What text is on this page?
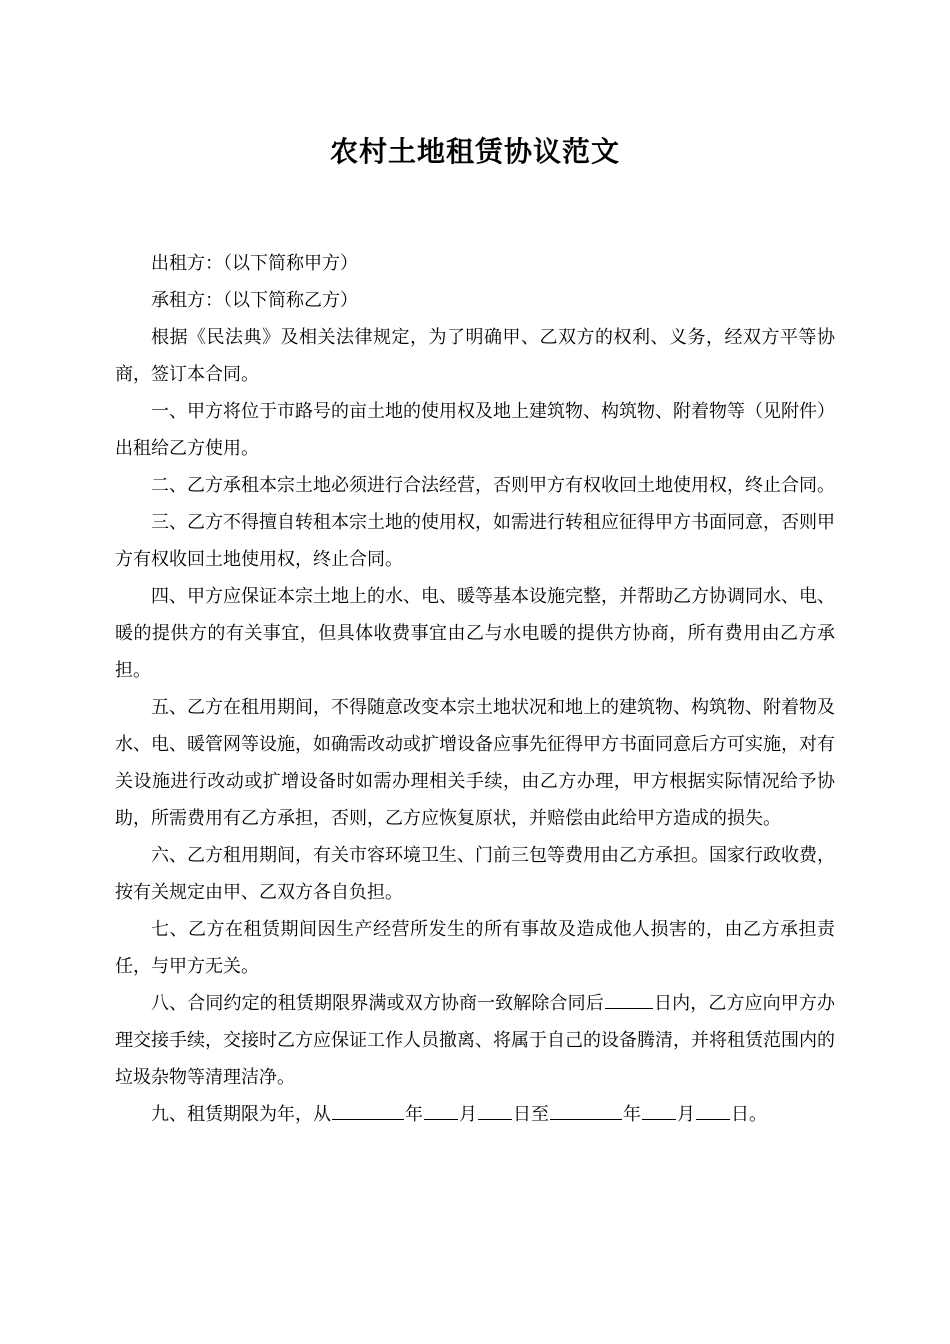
农村土地租赁协议范文

出租方：（以下简称甲方）

承租方：（以下简称乙方）

根据《民法典》及相关法律规定，为了明确甲、乙双方的权利、义务，经双方平等协商，签订本合同。

一、甲方将位于市路号的亩土地的使用权及地上建筑物、构筑物、附着物等（见附件）出租给乙方使用。

二、乙方承租本宗土地必须进行合法经营，否则甲方有权收回土地使用权，终止合同。

三、乙方不得擅自转租本宗土地的使用权，如需进行转租应征得甲方书面同意，否则甲方有权收回土地使用权，终止合同。

四、甲方应保证本宗土地上的水、电、暖等基本设施完整，并帮助乙方协调同水、电、暖的提供方的有关事宜，但具体收费事宜由乙与水电暖的提供方协商，所有费用由乙方承担。

五、乙方在租用期间，不得随意改变本宗土地状况和地上的建筑物、构筑物、附着物及水、电、暖管网等设施，如确需改动或扩增设备应事先征得甲方书面同意后方可实施，对有关设施进行改动或扩增设备时如需办理相关手续，由乙方办理，甲方根据实际情况给予协助，所需费用有乙方承担，否则，乙方应恢复原状，并赔偿由此给甲方造成的损失。

六、乙方租用期间，有关市容环境卫生、门前三包等费用由乙方承担。国家行政收费，按有关规定由甲、乙双方各自负担。

七、乙方在租赁期间因生产经营所发生的所有事故及造成他人损害的，由乙方承担责任，与甲方无关。

八、合同约定的租赁期限界满或双方协商一致解除合同后	日内，乙方应向甲方办理交接手续，交接时乙方应保证工作人员撤离、将属于自己的设备腾清，并将租赁范围内的垃圾杂物等清理洁净。

九、租赁期限为年，从	年 月 日至	年 月 日。
